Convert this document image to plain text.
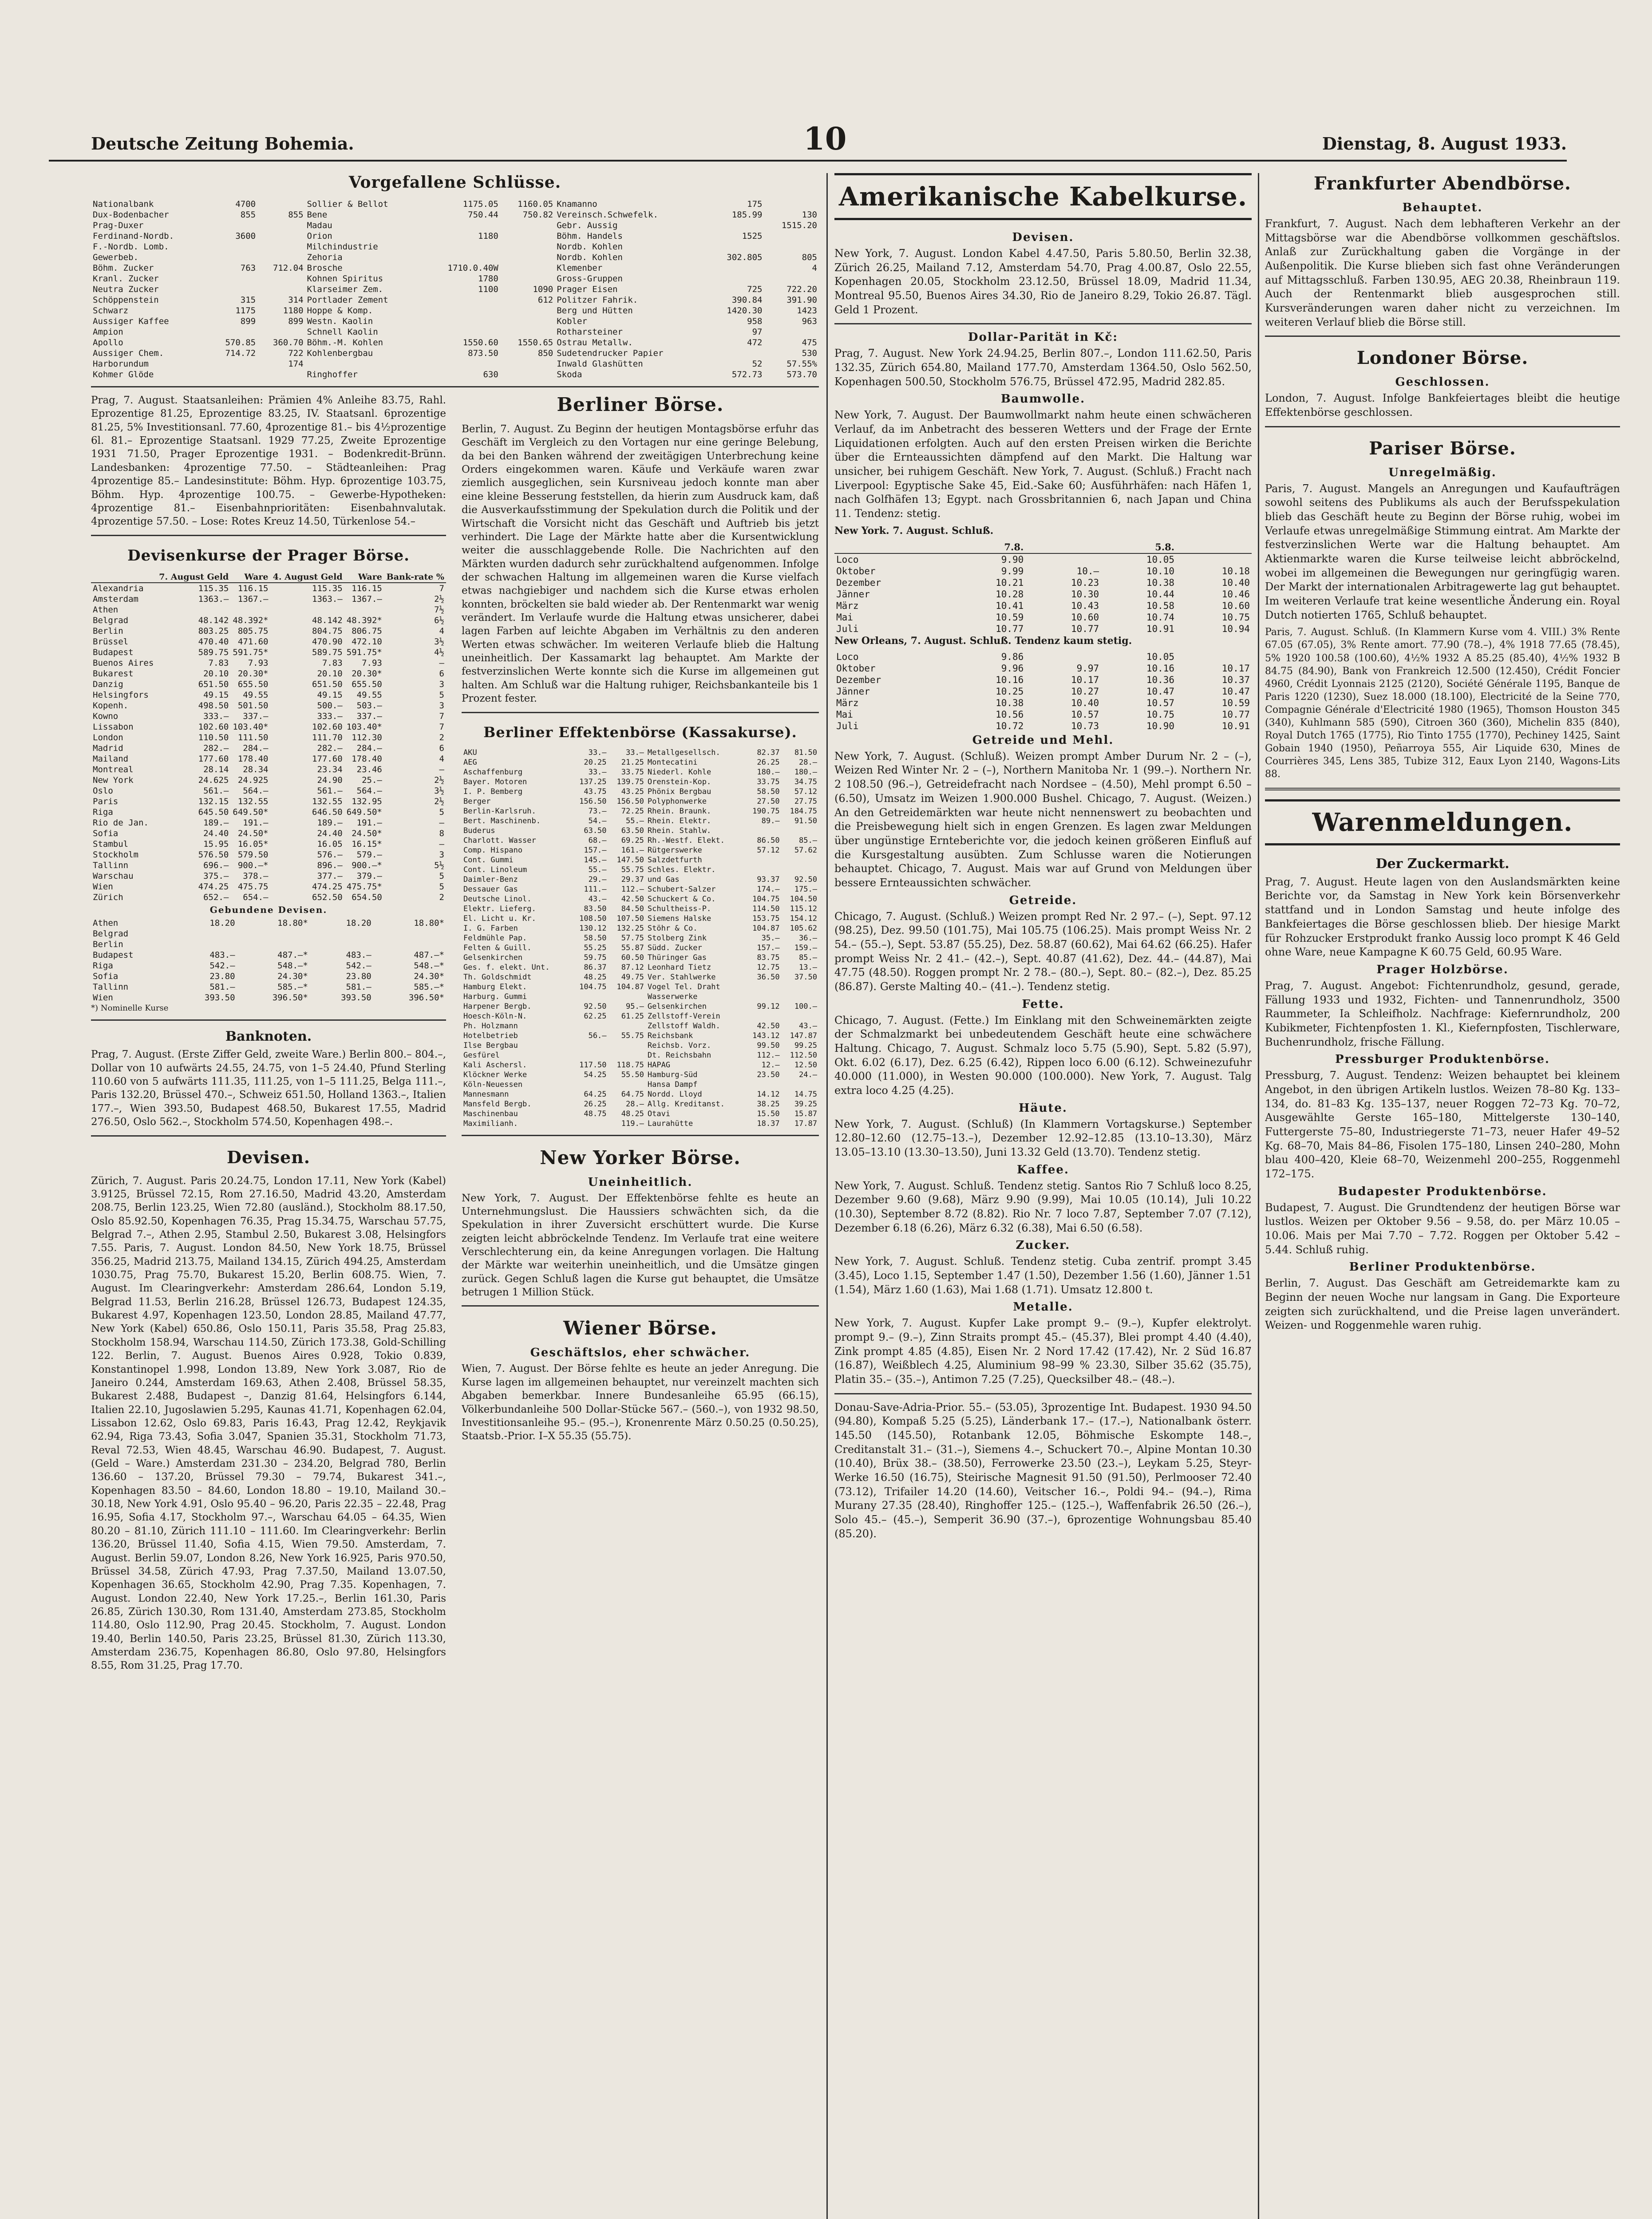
Deutsche Zeitung Bohemia.	10	Dienstag, 8. August 1933.
Vorgefallene Schlüsse.
Nationalbank	4700		Sollier & Bellot	1175.05	1160.05	Knamanno	175	
Dux-Bodenbacher	855	855	Bene	750.44	750.82	Vereinsch.Schwefelk.	185.99	130
Prag-Duxer			Madau			Gebr. Aussig		1515.20
Ferdinand-Nordb.	3600		Orion	1180		Böhm. Handels	1525	
F.-Nordb. Lomb.			Milchindustrie			Nordb. Kohlen		
Gewerbeb.			Zehoria			Nordb. Kohlen	302.805	805
Böhm. Zucker	763	712.04	Brosche	1710.0.40W		Klemenber		4
Kranl. Zucker			Kohnen Spiritus	1780		Gross-Gruppen		
Neutra Zucker			Klarseimer Zem.	1100	1090	Prager Eisen	725	722.20
Schöppenstein	315	314	Portlader Zement		612	Politzer Fahrik.	390.84	391.90
Schwarz	1175	1180	Hoppe & Komp.			Berg und Hütten	1420.30	1423
Aussiger Kaffee	899	899	Westn. Kaolin			Kobler	958	963
Ampion			Schnell Kaolin			Rotharsteiner	97	
Apollo	570.85	360.70	Böhm.-M. Kohlen	1550.60	1550.65	Ostrau Metallw.	472	475
Aussiger Chem.	714.72	722	Kohlenbergbau	873.50	850	Sudetendrucker Papier		530
Harborundum		174				Inwald Glashütten	52	57.55%
Kohmer Glöde			Ringhoffer	630		Skoda	572.73	573.70

Prag, 7. August. Staatsanleihen: Prämien 4% Anleihe 83.75, Rahl. Eprozentige 81.25, Eprozentige 83.25, IV. Staatsanl. 6prozentige 81.25, 5% Investitionsanl. 77.60, 4prozentige 81.– bis 4½prozentige 6l. 81.– Eprozentige Staatsanl. 1929 77.25, Zweite Eprozentige 1931 71.50, Prager Eprozentige 1931. – Bodenkredit-Brünn. Landesbanken: 4prozentige 77.50. – Städteanleihen: Prag 4prozentige 85.– Landesinstitute: Böhm. Hyp. 6prozentige 103.75, Böhm. Hyp. 4prozentige 100.75. – Gewerbe-Hypotheken: 4prozentige 81.– Eisenbahnprioritäten: Eisenbahnvalutak. 4prozentige 57.50. – Lose: Rotes Kreuz 14.50, Türkenlose 54.–

Devisenkurse der Prager Börse.
	7. August Geld	Ware	4. August Geld	Ware	Bank-rate %
Alexandria	115.35	116.15	115.35	116.15	7
Amsterdam	1363.–	1367.–	1363.–	1367.–	2½
Athen					7½
Belgrad	48.142	48.392*	48.142	48.392*	6½
Berlin	803.25	805.75	804.75	806.75	4
Brüssel	470.40	471.60	470.90	472.10	3½
Budapest	589.75	591.75*	589.75	591.75*	4½
Buenos Aires	7.83	7.93	7.83	7.93	–
Bukarest	20.10	20.30*	20.10	20.30*	6
Danzig	651.50	655.50	651.50	655.50	3
Helsingfors	49.15	49.55	49.15	49.55	5
Kopenh.	498.50	501.50	500.–	503.–	3
Kowno	333.–	337.–	333.–	337.–	7
Lissabon	102.60	103.40*	102.60	103.40*	7
London	110.50	111.50	111.70	112.30	2
Madrid	282.–	284.–	282.–	284.–	6
Mailand	177.60	178.40	177.60	178.40	4
Montreal	28.14	28.34	23.34	23.46	–
New York	24.625	24.925	24.90	25.–	2½
Oslo	561.–	564.–	561.–	564.–	3½
Paris	132.15	132.55	132.55	132.95	2½
Riga	645.50	649.50*	646.50	649.50*	5
Rio de Jan.	189.–	191.–	189.–	191.–	–
Sofia	24.40	24.50*	24.40	24.50*	8
Stambul	15.95	16.05*	16.05	16.15*	–
Stockholm	576.50	579.50	576.–	579.–	3
Tallinn	696.–	900.–*	896.–	900.–*	5½
Warschau	375.–	378.–	377.–	379.–	5
Wien	474.25	475.75	474.25	475.75*	5
Zürich	652.–	654.–	652.50	654.50	2
Gebundene Devisen.
Athen	18.20	18.80*	18.20	18.80*
Belgrad				
Berlin				
Budapest	483.–	487.–*	483.–	487.–*
Riga	542.–	548.–*	542.–	548.–*
Sofia	23.80	24.30*	23.80	24.30*
Tallinn	581.–	585.–*	581.–	585.–*
Wien	393.50	396.50*	393.50	396.50*

*) Nominelle Kurse

Banknoten.

Prag, 7. August. (Erste Ziffer Geld, zweite Ware.) Berlin 800.– 804.–, Dollar von 10 aufwärts 24.55, 24.75, von 1–5 24.40, Pfund Sterling 110.60 von 5 aufwärts 111.35, 111.25, von 1–5 111.25, Belga 111.–, Paris 132.20, Brüssel 470.–, Schweiz 651.50, Holland 1363.–, Italien 177.–, Wien 393.50, Budapest 468.50, Bukarest 17.55, Madrid 276.50, Oslo 562.–, Stockholm 574.50, Kopenhagen 498.–.

Devisen.

Zürich, 7. August. Paris 20.24.75, London 17.11, New York (Kabel) 3.9125, Brüssel 72.15, Rom 27.16.50, Madrid 43.20, Amsterdam 208.75, Berlin 123.25, Wien 72.80 (ausländ.), Stockholm 88.17.50, Oslo 85.92.50, Kopenhagen 76.35, Prag 15.34.75, Warschau 57.75, Belgrad 7.–, Athen 2.95, Stambul 2.50, Bukarest 3.08, Helsingfors 7.55. Paris, 7. August. London 84.50, New York 18.75, Brüssel 356.25, Madrid 213.75, Mailand 134.15, Zürich 494.25, Amsterdam 1030.75, Prag 75.70, Bukarest 15.20, Berlin 608.75. Wien, 7. August. Im Clearingverkehr: Amsterdam 286.64, London 5.19, Belgrad 11.53, Berlin 216.28, Brüssel 126.73, Budapest 124.35, Bukarest 4.97, Kopenhagen 123.50, London 28.85, Mailand 47.77, New York (Kabel) 650.86, Oslo 150.11, Paris 35.58, Prag 25.83, Stockholm 158.94, Warschau 114.50, Zürich 173.38, Gold-Schilling 122. Berlin, 7. August. Buenos Aires 0.928, Tokio 0.839, Konstantinopel 1.998, London 13.89, New York 3.087, Rio de Janeiro 0.244, Amsterdam 169.63, Athen 2.408, Brüssel 58.35, Bukarest 2.488, Budapest –, Danzig 81.64, Helsingfors 6.144, Italien 22.10, Jugoslawien 5.295, Kaunas 41.71, Kopenhagen 62.04, Lissabon 12.62, Oslo 69.83, Paris 16.43, Prag 12.42, Reykjavik 62.94, Riga 73.43, Sofia 3.047, Spanien 35.31, Stockholm 71.73, Reval 72.53, Wien 48.45, Warschau 46.90. Budapest, 7. August. (Geld – Ware.) Amsterdam 231.30 – 234.20, Belgrad 780, Berlin 136.60 – 137.20, Brüssel 79.30 – 79.74, Bukarest 341.–, Kopenhagen 83.50 – 84.60, London 18.80 – 19.10, Mailand 30.– 30.18, New York 4.91, Oslo 95.40 – 96.20, Paris 22.35 – 22.48, Prag 16.95, Sofia 4.17, Stockholm 97.–, Warschau 64.05 – 64.35, Wien 80.20 – 81.10, Zürich 111.10 – 111.60. Im Clearingverkehr: Berlin 136.20, Brüssel 11.40, Sofia 4.15, Wien 79.50. Amsterdam, 7. August. Berlin 59.07, London 8.26, New York 16.925, Paris 970.50, Brüssel 34.58, Zürich 47.93, Prag 7.37.50, Mailand 13.07.50, Kopenhagen 36.65, Stockholm 42.90, Prag 7.35. Kopenhagen, 7. August. London 22.40, New York 17.25.–, Berlin 161.30, Paris 26.85, Zürich 130.30, Rom 131.40, Amsterdam 273.85, Stockholm 114.80, Oslo 112.90, Prag 20.45. Stockholm, 7. August. London 19.40, Berlin 140.50, Paris 23.25, Brüssel 81.30, Zürich 113.30, Amsterdam 236.75, Kopenhagen 86.80, Oslo 97.80, Helsingfors 8.55, Rom 31.25, Prag 17.70.

Berliner Börse.

Berlin, 7. August. Zu Beginn der heutigen Montagsbörse erfuhr das Geschäft im Vergleich zu den Vortagen nur eine geringe Belebung, da bei den Banken während der zweitägigen Unterbrechung keine Orders eingekommen waren. Käufe und Verkäufe waren zwar ziemlich ausgeglichen, sein Kursniveau jedoch konnte man aber eine kleine Besserung feststellen, da hierin zum Ausdruck kam, daß die Ausverkaufsstimmung der Spekulation durch die Politik und der Wirtschaft die Vorsicht nicht das Geschäft und Auftrieb bis jetzt verhindert. Die Lage der Märkte hatte aber die Kursentwicklung weiter die ausschlaggebende Rolle. Die Nachrichten auf den Märkten wurden dadurch sehr zurückhaltend aufgenommen. Infolge der schwachen Haltung im allgemeinen waren die Kurse vielfach etwas nachgiebiger und nachdem sich die Kurse etwas erholen konnten, bröckelten sie bald wieder ab. Der Rentenmarkt war wenig verändert. Im Verlaufe wurde die Haltung etwas unsicherer, dabei lagen Farben auf leichte Abgaben im Verhältnis zu den anderen Werten etwas schwächer. Im weiteren Verlaufe blieb die Haltung uneinheitlich. Der Kassamarkt lag behauptet. Am Markte der festverzinslichen Werte konnte sich die Kurse im allgemeinen gut halten. Am Schluß war die Haltung ruhiger, Reichsbankanteile bis 1 Prozent fester.

Berliner Effektenbörse (Kassakurse).
AKU	33.–	33.–	Metallgesellsch.	82.37	81.50
AEG	20.25	21.25	Montecatini	26.25	28.–
Aschaffenburg	33.–	33.75	Niederl. Kohle	180.–	180.–
Bayer. Motoren	137.25	139.75	Orenstein-Kop.	33.75	34.75
I. P. Bemberg	43.75	43.25	Phönix Bergbau	58.50	57.12
Berger	156.50	156.50	Polyphonwerke	27.50	27.75
Berlin-Karlsruh.	73.–	72.25	Rhein. Braunk.	190.75	184.75
Bert. Maschinenb.	54.–	55.–	Rhein. Elektr.	89.–	91.50
Buderus	63.50	63.50	Rhein. Stahlw.		
Charlott. Wasser	68.–	69.25	Rh.-Westf. Elekt.	86.50	85.–
Comp. Hispano	157.–	161.–	Rütgerswerke	57.12	57.62
Cont. Gummi	145.–	147.50	Salzdetfurth		
Cont. Linoleum	55.–	55.75	Schles. Elektr.		
Daimler-Benz	29.–	29.37	und Gas	93.37	92.50
Dessauer Gas	111.–	112.–	Schubert-Salzer	174.–	175.–
Deutsche Linol.	43.–	42.50	Schuckert & Co.	104.75	104.50
Elektr. Lieferg.	83.50	84.50	Schultheiss-P.	114.50	115.12
El. Licht u. Kr.	108.50	107.50	Siemens Halske	153.75	154.12
I. G. Farben	130.12	132.25	Stöhr & Co.	104.87	105.62
Feldmühle Pap.	58.50	57.75	Stolberg Zink	35.–	36.–
Felten & Guill.	55.25	55.87	Südd. Zucker	157.–	159.–
Gelsenkirchen	59.75	60.50	Thüringer Gas	83.75	85.–
Ges. f. elekt. Unt.	86.37	87.12	Leonhard Tietz	12.75	13.–
Th. Goldschmidt	48.25	49.75	Ver. Stahlwerke	36.50	37.50
Hamburg Elekt.	104.75	104.87	Vogel Tel. Draht		
Harburg. Gummi			Wasserwerke		
Harpener Bergb.	92.50	95.–	Gelsenkirchen	99.12	100.–
Hoesch-Köln-N.	62.25	61.25	Zellstoff-Verein		
Ph. Holzmann			Zellstoff Waldh.	42.50	43.–
Hotelbetrieb	56.–	55.75	Reichsbank	143.12	147.87
Ilse Bergbau			Reichsb. Vorz.	99.50	99.25
Gesfürel			Dt. Reichsbahn	112.–	112.50
Kali Aschersl.	117.50	118.75	HAPAG	12.–	12.50
Klöckner Werke	54.25	55.50	Hamburg-Süd	23.50	24.–
Köln-Neuessen			Hansa Dampf		
Mannesmann	64.25	64.75	Nordd. Lloyd	14.12	14.75
Mansfeld Bergb.	26.25	28.–	Allg. Kreditanst.	38.25	39.25
Maschinenbau	48.75	48.25	Otavi	15.50	15.87
Maximilianh.		119.–	Laurahütte	18.37	17.87
New Yorker Börse.
Uneinheitlich.

New York, 7. August. Der Effektenbörse fehlte es heute an Unternehmungslust. Die Haussiers schwächten sich, da die Spekulation in ihrer Zuversicht erschüttert wurde. Die Kurse zeigten leicht abbröckelnde Tendenz. Im Verlaufe trat eine weitere Verschlechterung ein, da keine Anregungen vorlagen. Die Haltung der Märkte war weiterhin uneinheitlich, und die Umsätze gingen zurück. Gegen Schluß lagen die Kurse gut behauptet, die Umsätze betrugen 1 Million Stück.

Wiener Börse.
Geschäftslos, eher schwächer.

Wien, 7. August. Der Börse fehlte es heute an jeder Anregung. Die Kurse lagen im allgemeinen behauptet, nur vereinzelt machten sich Abgaben bemerkbar. Innere Bundesanleihe 65.95 (66.15), Völkerbundanleihe 500 Dollar-Stücke 567.– (560.–), von 1932 98.50, Investitionsanleihe 95.– (95.–), Kronenrente März 0.50.25 (0.50.25), Staatsb.-Prior. I–X 55.35 (55.75).

Amerikanische Kabelkurse.
Devisen.

New York, 7. August. London Kabel 4.47.50, Paris 5.80.50, Berlin 32.38, Zürich 26.25, Mailand 7.12, Amsterdam 54.70, Prag 4.00.87, Oslo 22.55, Kopenhagen 20.05, Stockholm 23.12.50, Brüssel 18.09, Madrid 11.34, Montreal 95.50, Buenos Aires 34.30, Rio de Janeiro 8.29, Tokio 26.87. Tägl. Geld 1 Prozent.

Dollar-Parität in Kč:

Prag, 7. August. New York 24.94.25, Berlin 807.–, London 111.62.50, Paris 132.35, Zürich 654.80, Mailand 177.70, Amsterdam 1364.50, Oslo 562.50, Kopenhagen 500.50, Stockholm 576.75, Brüssel 472.95, Madrid 282.85.

Baumwolle.

New York, 7. August. Der Baumwollmarkt nahm heute einen schwächeren Verlauf, da im Anbetracht des besseren Wetters und der Frage der Ernte Liquidationen erfolgten. Auch auf den ersten Preisen wirken die Berichte über die Ernteaussichten dämpfend auf den Markt. Die Haltung war unsicher, bei ruhigem Geschäft. New York, 7. August. (Schluß.) Fracht nach Liverpool: Egyptische Sake 45, Eid.-Sake 60; Ausführhäfen: nach Häfen 1, nach Golfhäfen 13; Egypt. nach Grossbritannien 6, nach Japan und China 11. Tendenz: stetig.

New York. 7. August. Schluß.

	7.8.		5.8.	
Loco	9.90		10.05	
Oktober	9.99	10.–	10.10	10.18
Dezember	10.21	10.23	10.38	10.40
Jänner	10.28	10.30	10.44	10.46
März	10.41	10.43	10.58	10.60
Mai	10.59	10.60	10.74	10.75
Juli	10.77	10.77	10.91	10.94

New Orleans, 7. August. Schluß. Tendenz kaum stetig.

Loco	9.86		10.05	
Oktober	9.96	9.97	10.16	10.17
Dezember	10.16	10.17	10.36	10.37
Jänner	10.25	10.27	10.47	10.47
März	10.38	10.40	10.57	10.59
Mai	10.56	10.57	10.75	10.77
Juli	10.72	10.73	10.90	10.91
Getreide und Mehl.

New York, 7. August. (Schluß). Weizen prompt Amber Durum Nr. 2 – (–), Weizen Red Winter Nr. 2 – (–), Northern Manitoba Nr. 1 (99.–). Northern Nr. 2 108.50 (96.–), Getreidefracht nach Nordsee – (4.50), Mehl prompt 6.50 – (6.50), Umsatz im Weizen 1.900.000 Bushel. Chicago, 7. August. (Weizen.) An den Getreidemärkten war heute nicht nennenswert zu beobachten und die Preisbewegung hielt sich in engen Grenzen. Es lagen zwar Meldungen über ungünstige Ernteberichte vor, die jedoch keinen größeren Einfluß auf die Kursgestaltung ausübten. Zum Schlusse waren die Notierungen behauptet. Chicago, 7. August. Mais war auf Grund von Meldungen über bessere Ernteaussichten schwächer.

Getreide.

Chicago, 7. August. (Schluß.) Weizen prompt Red Nr. 2 97.– (–), Sept. 97.12 (98.25), Dez. 99.50 (101.75), Mai 105.75 (106.25). Mais prompt Weiss Nr. 2 54.– (55.–), Sept. 53.87 (55.25), Dez. 58.87 (60.62), Mai 64.62 (66.25). Hafer prompt Weiss Nr. 2 41.– (42.–), Sept. 40.87 (41.62), Dez. 44.– (44.87), Mai 47.75 (48.50). Roggen prompt Nr. 2 78.– (80.–), Sept. 80.– (82.–), Dez. 85.25 (86.87). Gerste Malting 40.– (41.–). Tendenz stetig.

Fette.

Chicago, 7. August. (Fette.) Im Einklang mit den Schweinemärkten zeigte der Schmalzmarkt bei unbedeutendem Geschäft heute eine schwächere Haltung. Chicago, 7. August. Schmalz loco 5.75 (5.90), Sept. 5.82 (5.97), Okt. 6.02 (6.17), Dez. 6.25 (6.42), Rippen loco 6.00 (6.12). Schweinezufuhr 40.000 (11.000), in Westen 90.000 (100.000). New York, 7. August. Talg extra loco 4.25 (4.25).

Häute.

New York, 7. August. (Schluß) (In Klammern Vortagskurse.) September 12.80–12.60 (12.75–13.–), Dezember 12.92–12.85 (13.10–13.30), März 13.05–13.10 (13.30–13.50), Juni 13.32 Geld (13.70). Tendenz stetig.

Kaffee.

New York, 7. August. Schluß. Tendenz stetig. Santos Rio 7 Schluß loco 8.25, Dezember 9.60 (9.68), März 9.90 (9.99), Mai 10.05 (10.14), Juli 10.22 (10.30), September 8.72 (8.82). Rio Nr. 7 loco 7.87, September 7.07 (7.12), Dezember 6.18 (6.26), März 6.32 (6.38), Mai 6.50 (6.58).

Zucker.

New York, 7. August. Schluß. Tendenz stetig. Cuba zentrif. prompt 3.45 (3.45), Loco 1.15, September 1.47 (1.50), Dezember 1.56 (1.60), Jänner 1.51 (1.54), März 1.60 (1.63), Mai 1.68 (1.71). Umsatz 12.800 t.

Metalle.

New York, 7. August. Kupfer Lake prompt 9.– (9.–), Kupfer elektrolyt. prompt 9.– (9.–), Zinn Straits prompt 45.– (45.37), Blei prompt 4.40 (4.40), Zink prompt 4.85 (4.85), Eisen Nr. 2 Nord 17.42 (17.42), Nr. 2 Süd 16.87 (16.87), Weißblech 4.25, Aluminium 98–99 % 23.30, Silber 35.62 (35.75), Platin 35.– (35.–), Antimon 7.25 (7.25), Quecksilber 48.– (48.–).

Donau-Save-Adria-Prior. 55.– (53.05), 3prozentige Int. Budapest. 1930 94.50 (94.80), Kompaß 5.25 (5.25), Länderbank 17.– (17.–), Nationalbank österr. 145.50 (145.50), Rotanbank 12.05, Böhmische Eskompte 148.–, Creditanstalt 31.– (31.–), Siemens 4.–, Schuckert 70.–, Alpine Montan 10.30 (10.40), Brüx 38.– (38.50), Ferrowerke 23.50 (23.–), Leykam 5.25, Steyr-Werke 16.50 (16.75), Steirische Magnesit 91.50 (91.50), Perlmooser 72.40 (73.12), Trifailer 14.20 (14.60), Veitscher 16.–, Poldi 94.– (94.–), Rima Murany 27.35 (28.40), Ringhoffer 125.– (125.–), Waffenfabrik 26.50 (26.–), Solo 45.– (45.–), Semperit 36.90 (37.–), 6prozentige Wohnungsbau 85.40 (85.20).

Frankfurter Abendbörse.
Behauptet.

Frankfurt, 7. August. Nach dem lebhafteren Verkehr an der Mittagsbörse war die Abendbörse vollkommen geschäftslos. Anlaß zur Zurückhaltung gaben die Vorgänge in der Außenpolitik. Die Kurse blieben sich fast ohne Veränderungen auf Mittagsschluß. Farben 130.95, AEG 20.38, Rheinbraun 119. Auch der Rentenmarkt blieb ausgesprochen still. Kursveränderungen waren daher nicht zu verzeichnen. Im weiteren Verlauf blieb die Börse still.

Londoner Börse.
Geschlossen.

London, 7. August. Infolge Bankfeiertages bleibt die heutige Effektenbörse geschlossen.

Pariser Börse.
Unregelmäßig.

Paris, 7. August. Mangels an Anregungen und Kaufaufträgen sowohl seitens des Publikums als auch der Berufsspekulation blieb das Geschäft heute zu Beginn der Börse ruhig, wobei im Verlaufe etwas unregelmäßige Stimmung eintrat. Am Markte der festverzinslichen Werte war die Haltung behauptet. Am Aktienmarkte waren die Kurse teilweise leicht abbröckelnd, wobei im allgemeinen die Bewegungen nur geringfügig waren. Der Markt der internationalen Arbitragewerte lag gut behauptet. Im weiteren Verlaufe trat keine wesentliche Änderung ein. Royal Dutch notierten 1765, Schluß behauptet.

Paris, 7. August. Schluß. (In Klammern Kurse vom 4. VIII.) 3% Rente 67.05 (67.05), 3% Rente amort. 77.90 (78.–), 4% 1918 77.65 (78.45), 5% 1920 100.58 (100.60), 4½% 1932 A 85.25 (85.40), 4½% 1932 B 84.75 (84.90), Bank von Frankreich 12.500 (12.450), Crédit Foncier 4960, Crédit Lyonnais 2125 (2120), Société Générale 1195, Banque de Paris 1220 (1230), Suez 18.000 (18.100), Electricité de la Seine 770, Compagnie Générale d'Electricité 1980 (1965), Thomson Houston 345 (340), Kuhlmann 585 (590), Citroen 360 (360), Michelin 835 (840), Royal Dutch 1765 (1775), Rio Tinto 1755 (1770), Pechiney 1425, Saint Gobain 1940 (1950), Peñarroya 555, Air Liquide 630, Mines de Courrières 345, Lens 385, Tubize 312, Eaux Lyon 2140, Wagons-Lits 88.

Warenmeldungen.
Der Zuckermarkt.

Prag, 7. August. Heute lagen von den Auslandsmärkten keine Berichte vor, da Samstag in New York kein Börsenverkehr stattfand und in London Samstag und heute infolge des Bankfeiertages die Börse geschlossen blieb. Der hiesige Markt für Rohzucker Erstprodukt franko Aussig loco prompt K 46 Geld ohne Ware, neue Kampagne K 60.75 Geld, 60.95 Ware.

Prager Holzbörse.

Prag, 7. August. Angebot: Fichtenrundholz, gesund, gerade, Fällung 1933 und 1932, Fichten- und Tannenrundholz, 3500 Raummeter, Ia Schleifholz. Nachfrage: Kiefernrundholz, 200 Kubikmeter, Fichtenpfosten 1. Kl., Kiefernpfosten, Tischlerware, Buchenrundholz, frische Fällung.

Pressburger Produktenbörse.

Pressburg, 7. August. Tendenz: Weizen behauptet bei kleinem Angebot, in den übrigen Artikeln lustlos. Weizen 78–80 Kg. 133–134, do. 81–83 Kg. 135–137, neuer Roggen 72–73 Kg. 70–72, Ausgewählte Gerste 165–180, Mittelgerste 130–140, Futtergerste 75–80, Industriegerste 71–73, neuer Hafer 49–52 Kg. 68–70, Mais 84–86, Fisolen 175–180, Linsen 240–280, Mohn blau 400–420, Kleie 68–70, Weizenmehl 200–255, Roggenmehl 172–175.

Budapester Produktenbörse.

Budapest, 7. August. Die Grundtendenz der heutigen Börse war lustlos. Weizen per Oktober 9.56 – 9.58, do. per März 10.05 – 10.06. Mais per Mai 7.70 – 7.72. Roggen per Oktober 5.42 – 5.44. Schluß ruhig.

Berliner Produktenbörse.

Berlin, 7. August. Das Geschäft am Getreidemarkte kam zu Beginn der neuen Woche nur langsam in Gang. Die Exporteure zeigten sich zurückhaltend, und die Preise lagen unverändert. Weizen- und Roggenmehle waren ruhig.
